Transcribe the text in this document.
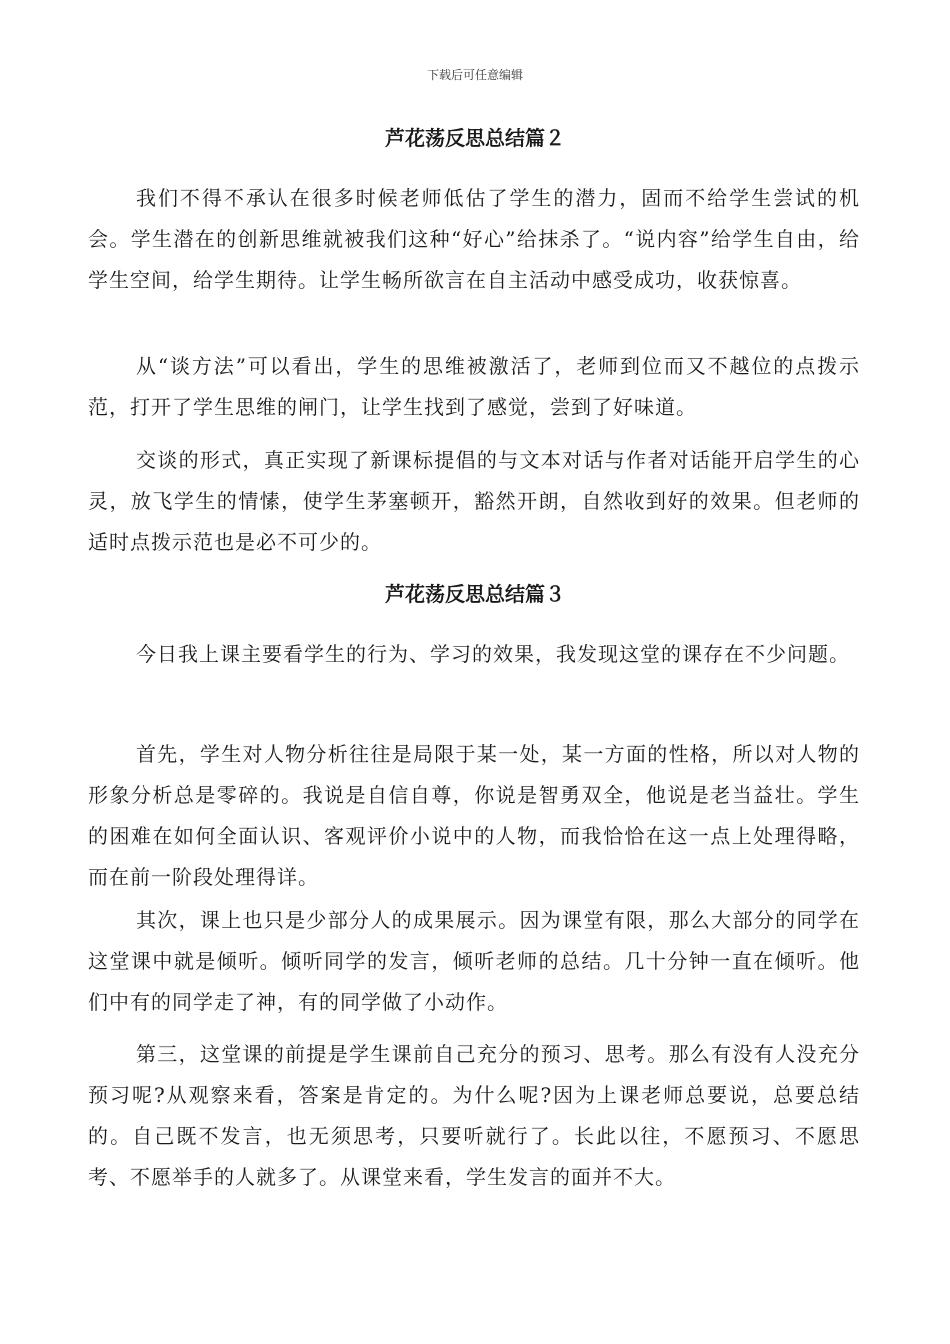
下载后可任意编辑
芦花荡反思总结篇２

我们不得不承认在很多时候老师低估了学生的潜力，固而不给学生尝试的机会。学生潜在的创新思维就被我们这种“好心”给抹杀了。“说内容”给学生自由，给学生空间，给学生期待。让学生畅所欲言在自主活动中感受成功，收获惊喜。

从“谈方法”可以看出，学生的思维被激活了，老师到位而又不越位的点拨示范，打开了学生思维的闸门，让学生找到了感觉，尝到了好味道。

交谈的形式，真正实现了新课标提倡的与文本对话与作者对话能开启学生的心灵，放飞学生的情愫，使学生茅塞顿开，豁然开朗，自然收到好的效果。但老师的适时点拨示范也是必不可少的。

芦花荡反思总结篇３

今日我上课主要看学生的行为、学习的效果，我发现这堂的课存在不少问题。

首先，学生对人物分析往往是局限于某一处，某一方面的性格，所以对人物的形象分析总是零碎的。我说是自信自尊，你说是智勇双全，他说是老当益壮。学生的困难在如何全面认识、客观评价小说中的人物，而我恰恰在这一点上处理得略，而在前一阶段处理得详。

其次，课上也只是少部分人的成果展示。因为课堂有限，那么大部分的同学在这堂课中就是倾听。倾听同学的发言，倾听老师的总结。几十分钟一直在倾听。他们中有的同学走了神，有的同学做了小动作。

第三，这堂课的前提是学生课前自己充分的预习、思考。那么有没有人没充分预习呢?从观察来看，答案是肯定的。为什么呢?因为上课老师总要说，总要总结的。自己既不发言，也无须思考，只要听就行了。长此以往，不愿预习、不愿思考、不愿举手的人就多了。从课堂来看，学生发言的面并不大。
